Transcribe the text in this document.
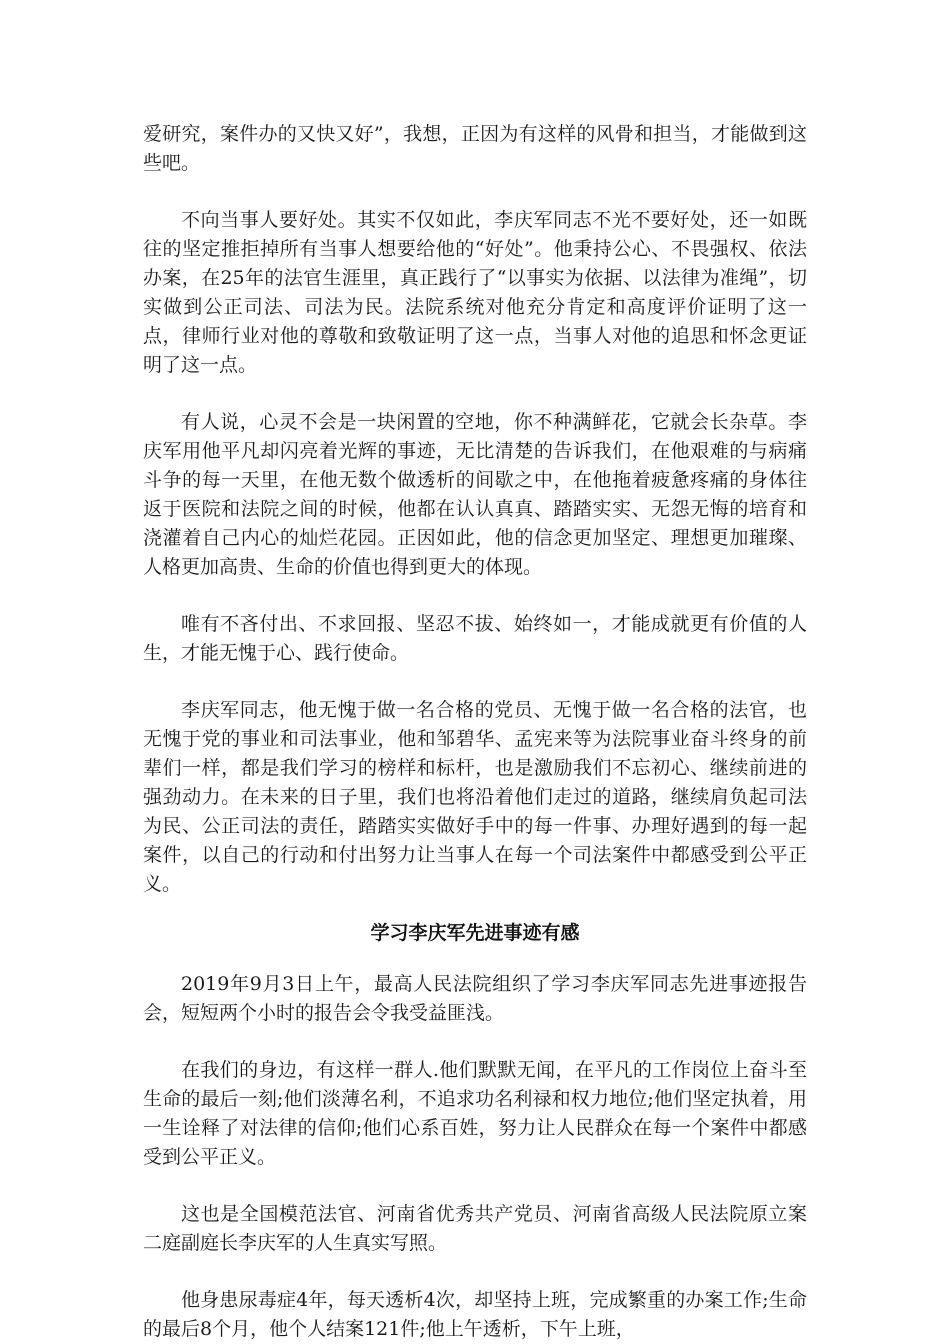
爱研究，案件办的又快又好”，我想，正因为有这样的风骨和担当，才能做到这些吧。

不向当事人要好处。其实不仅如此，李庆军同志不光不要好处，还一如既往的坚定推拒掉所有当事人想要给他的“好处”。他秉持公心、不畏强权、依法办案，在25年的法官生涯里，真正践行了“以事实为依据、以法律为准绳”，切实做到公正司法、司法为民。法院系统对他充分肯定和高度评价证明了这一点，律师行业对他的尊敬和致敬证明了这一点，当事人对他的追思和怀念更证明了这一点。

有人说，心灵不会是一块闲置的空地，你不种满鲜花，它就会长杂草。李庆军用他平凡却闪亮着光辉的事迹，无比清楚的告诉我们，在他艰难的与病痛斗争的每一天里，在他无数个做透析的间歇之中，在他拖着疲惫疼痛的身体往返于医院和法院之间的时候，他都在认认真真、踏踏实实、无怨无悔的培育和浇灌着自己内心的灿烂花园。正因如此，他的信念更加坚定、理想更加璀璨、人格更加高贵、生命的价值也得到更大的体现。

唯有不吝付出、不求回报、坚忍不拔、始终如一，才能成就更有价值的人生，才能无愧于心、践行使命。

李庆军同志，他无愧于做一名合格的党员、无愧于做一名合格的法官，也无愧于党的事业和司法事业，他和邹碧华、孟宪来等为法院事业奋斗终身的前辈们一样，都是我们学习的榜样和标杆，也是激励我们不忘初心、继续前进的强劲动力。在未来的日子里，我们也将沿着他们走过的道路，继续肩负起司法为民、公正司法的责任，踏踏实实做好手中的每一件事、办理好遇到的每一起案件，以自己的行动和付出努力让当事人在每一个司法案件中都感受到公平正义。

学习李庆军先进事迹有感

2019年9月3日上午，最高人民法院组织了学习李庆军同志先进事迹报告会，短短两个小时的报告会令我受益匪浅。

在我们的身边，有这样一群人.他们默默无闻，在平凡的工作岗位上奋斗至生命的最后一刻;他们淡薄名利，不追求功名利禄和权力地位;他们坚定执着，用一生诠释了对法律的信仰;他们心系百姓，努力让人民群众在每一个案件中都感受到公平正义。

这也是全国模范法官、河南省优秀共产党员、河南省高级人民法院原立案二庭副庭长李庆军的人生真实写照。

他身患尿毒症4年，每天透析4次，却坚持上班，完成繁重的办案工作;生命的最后8个月，他个人结案121件;他上午透析，下午上班，
